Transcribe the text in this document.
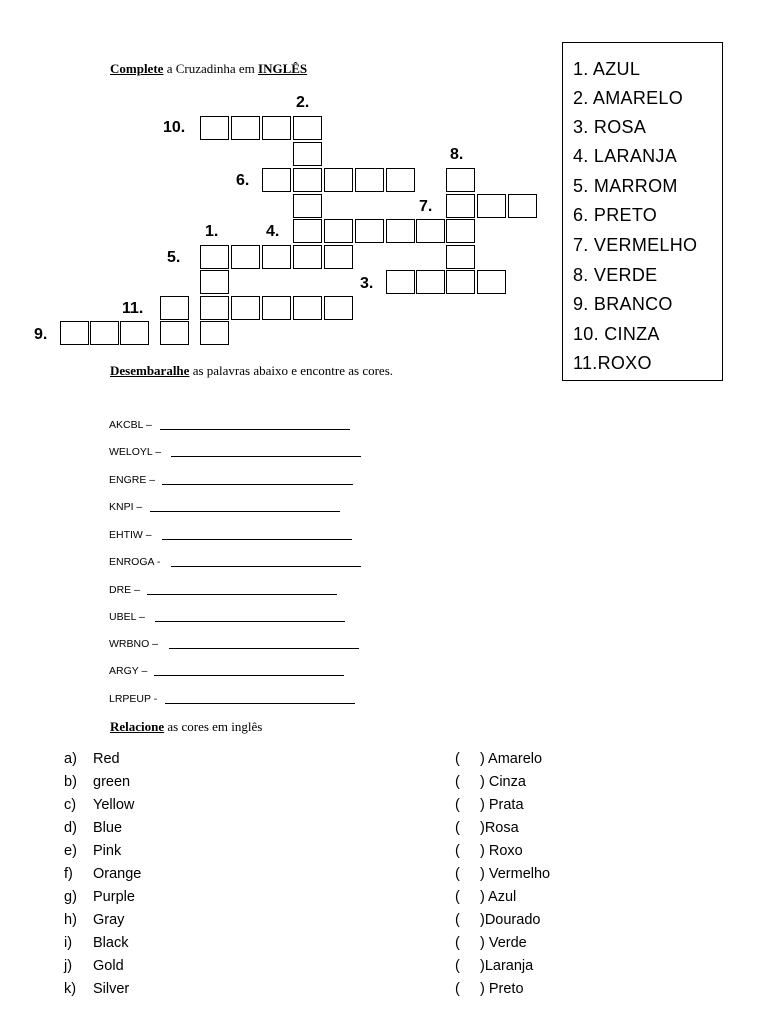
Complete a Cruzadinha em INGLÊS
2.
10.
8.
6.
7.
1.	4.
5.
3.
11.
9.
1. AZUL
2. AMARELO
3. ROSA
4. LARANJA
5. MARROM
6. PRETO
7. VERMELHO
8. VERDE
9. BRANCO
10. CINZA
11.ROXO
Desembaralhe as palavras abaixo e encontre as cores.
AKCBL –
WELOYL –
ENGRE –
KNPI –
EHTIW –
ENROGA -
DRE –
UBEL –
WRBNO –
ARGY –
LRPEUP -
Relacione as cores em inglês
a) Red
b) green
c) Yellow
d) Blue
e) Pink
f) Orange
g) Purple
h) Gray
i) Black
j) Gold
k) Silver
( ) Amarelo
( ) Cinza
( ) Prata
( )Rosa
( ) Roxo
( ) Vermelho
( ) Azul
( )Dourado
( ) Verde
( )Laranja
( ) Preto
